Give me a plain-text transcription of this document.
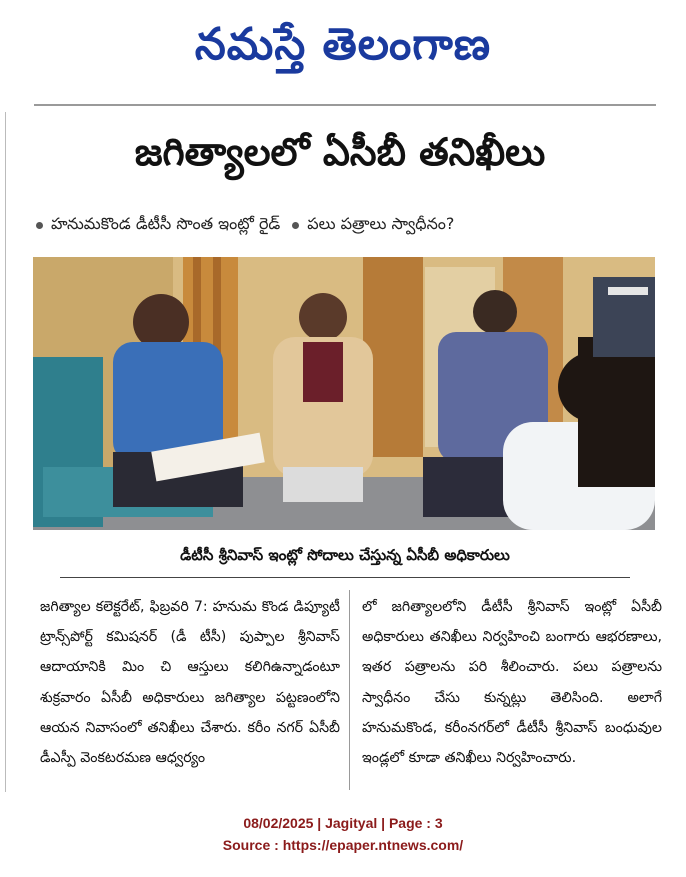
నమస్తే తెలంగాణ
జగిత్యాలలో ఏసీబీ తనిఖీలు
హనుమకొండ డీటీసీ సొంత ఇంట్లో రైడ్ పలు పత్రాలు స్వాధీనం?
డీటీసీ శ్రీనివాస్ ఇంట్లో సోదాలు చేస్తున్న ఏసీబీ అధికారులు

జగిత్యాల కలెక్టరేట్, ఫిబ్రవరి 7: హనుమ కొండ డిప్యూటీ ట్రాన్స్‌పోర్ట్ కమిషనర్ (డీ టీసీ) పుప్పాల శ్రీనివాస్ ఆదాయానికి మిం చి ఆస్తులు కలిగిఉన్నాడంటూ శుక్రవారం ఏసీబీ అధికారులు జగిత్యాల పట్టణంలోని ఆయన నివాసంలో తనిఖీలు చేశారు. కరీం నగర్ ఏసీబీ డీఎస్పీ వెంకటరమణ ఆధ్వర్యం

లో జగిత్యాలలోని డీటీసీ శ్రీనివాస్ ఇంట్లో ఏసీబీ అధికారులు తనిఖీలు నిర్వహించి బంగారు ఆభరణాలు, ఇతర పత్రాలను పరి శీలించారు. పలు పత్రాలను స్వాధీనం చేసు కున్నట్లు తెలిసింది. అలాగే హనుమకొండ, కరీంనగర్‌లో డీటీసీ శ్రీనివాస్ బంధువుల ఇండ్లలో కూడా తనిఖీలు నిర్వహించారు.

08/02/2025 | Jagityal | Page : 3
Source : https://epaper.ntnews.com/
